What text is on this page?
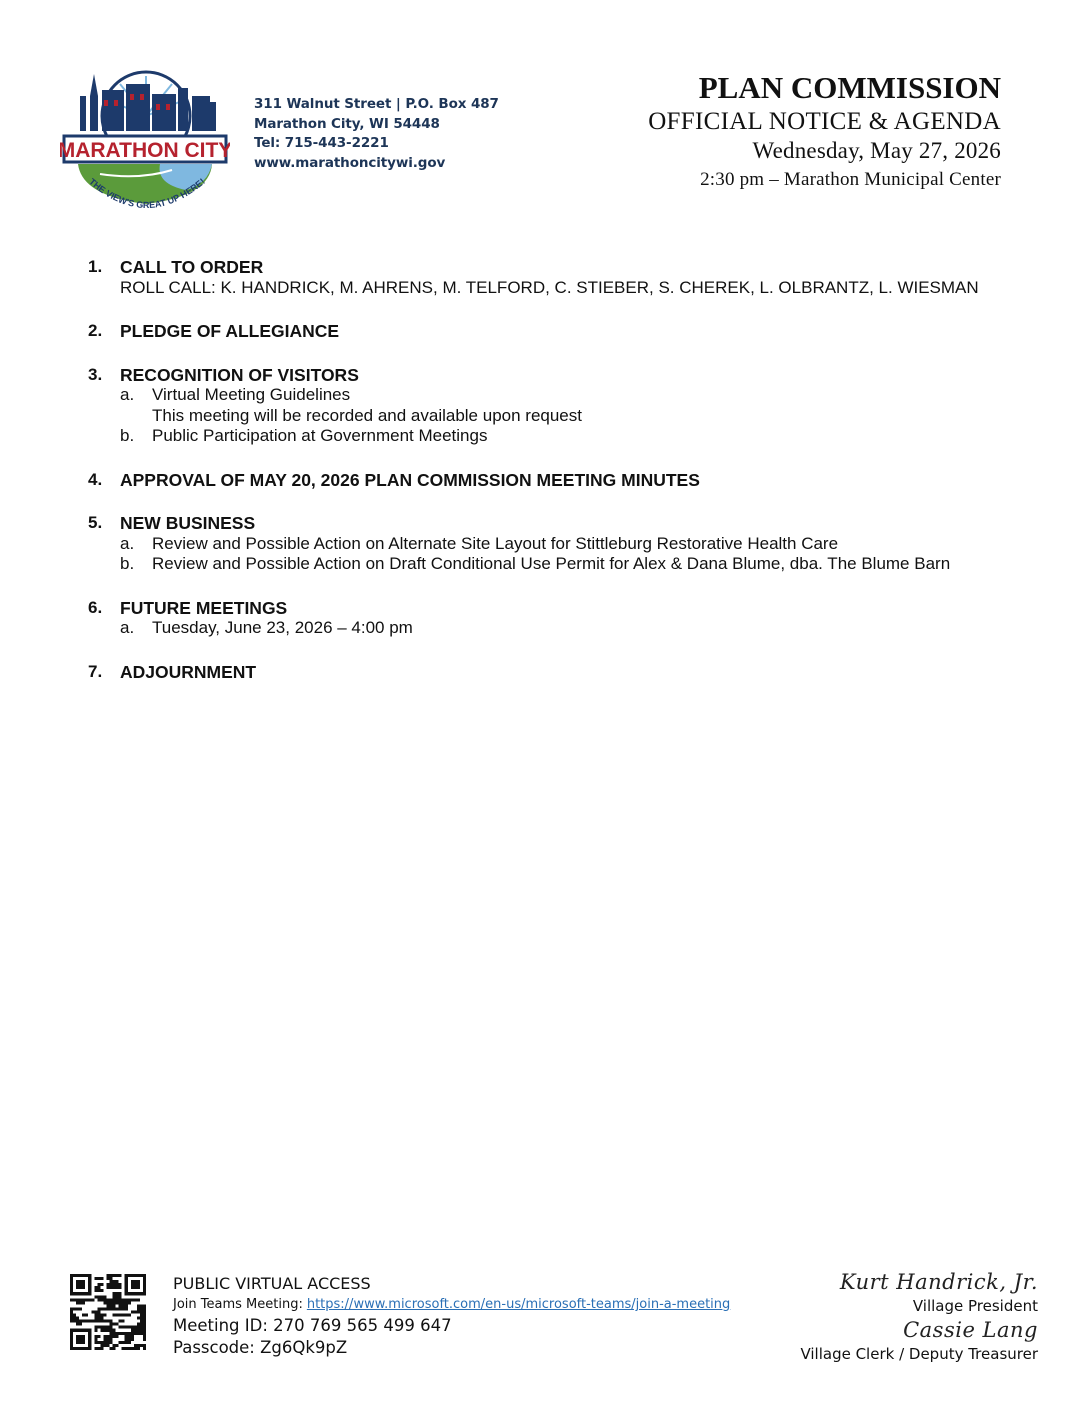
MARATHON CITY
THE VIEW'S GREAT UP HERE!
311 Walnut Street | P.O. Box 487
Marathon City, WI 54448
Tel: 715-443-2221
www.marathoncitywi.gov
PLAN COMMISSION
OFFICIAL NOTICE & AGENDA
Wednesday, May 27, 2026
2:30 pm – Marathon Municipal Center
1. CALL TO ORDER
ROLL CALL: K. HANDRICK, M. AHRENS, M. TELFORD, C. STIEBER, S. CHEREK, L. OLBRANTZ, L. WIESMAN
2. PLEDGE OF ALLEGIANCE
3. RECOGNITION OF VISITORS
a. Virtual Meeting Guidelines
This meeting will be recorded and available upon request
b. Public Participation at Government Meetings
4. APPROVAL OF MAY 20, 2026 PLAN COMMISSION MEETING MINUTES
5. NEW BUSINESS
a. Review and Possible Action on Alternate Site Layout for Stittleburg Restorative Health Care
b. Review and Possible Action on Draft Conditional Use Permit for Alex & Dana Blume, dba. The Blume Barn
6. FUTURE MEETINGS
a. Tuesday, June 23, 2026 – 4:00 pm
7. ADJOURNMENT
PUBLIC VIRTUAL ACCESS
Join Teams Meeting: https://www.microsoft.com/en-us/microsoft-teams/join-a-meeting
Meeting ID: 270 769 565 499 647
Passcode: Zg6Qk9pZ
Kurt Handrick, Jr.
Village President
Cassie Lang
Village Clerk / Deputy Treasurer
